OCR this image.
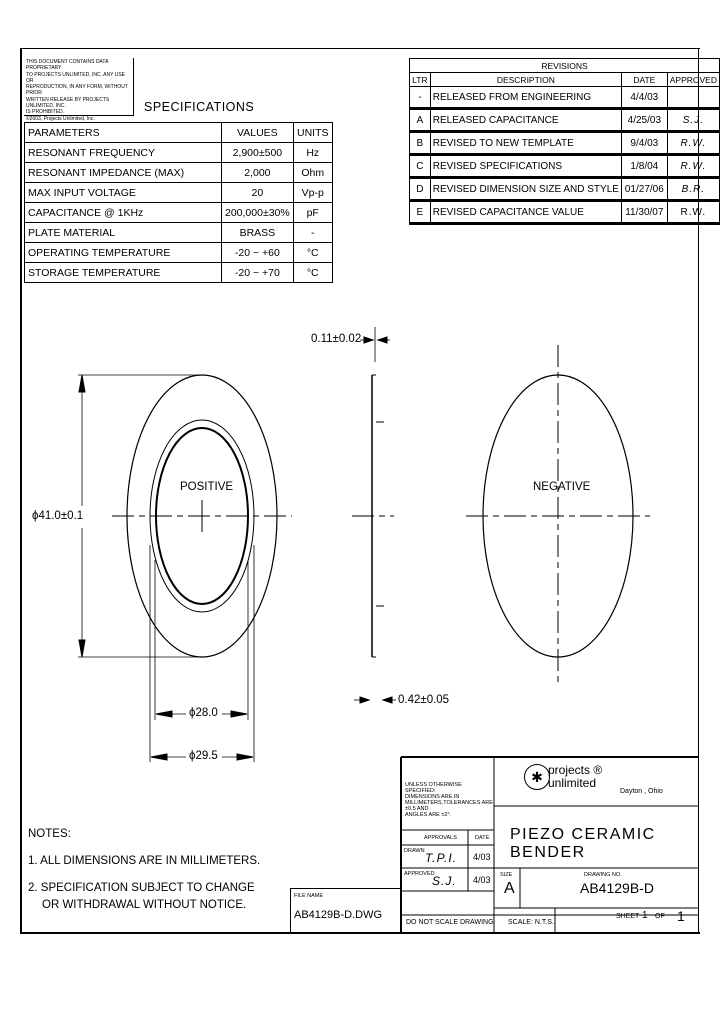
THIS DOCUMENT CONTAINS DATA PROPRIETARY
TO PROJECTS UNLIMITED, INC. ANY USE OR
REPRODUCTION, IN ANY FORM, WITHOUT PRIOR
WRITTEN RELEASE BY PROJECTS UNLIMITED, INC.
IS PROHIBITED.
©2003, Projects Unlimited, Inc.
SPECIFICATIONS
PARAMETERS	VALUES	UNITS
RESONANT FREQUENCY	2,900±500	Hz
RESONANT IMPEDANCE (MAX)	2,000	Ohm
MAX INPUT VOLTAGE	20	Vp-p
CAPACITANCE @ 1KHz	200,000±30%	pF
PLATE MATERIAL	BRASS	-
OPERATING TEMPERATURE	-20 ~ +60	°C
STORAGE TEMPERATURE	-20 ~ +70	°C
REVISIONS			
LTR	DESCRIPTION	DATE	APPROVED
-	RELEASED FROM ENGINEERING	4/4/03	
A	RELEASED CAPACITANCE	4/25/03	S.J.
B	REVISED TO NEW TEMPLATE	9/4/03	R.W.
C	REVISED SPECIFICATIONS	1/8/04	R.W.
D	REVISED DIMENSION SIZE AND STYLE	01/27/06	B.R.
E	REVISED CAPACITANCE VALUE	11/30/07	R.W.
POSITIVE	NEGATIVE
ϕ41.0±0.1
ϕ28.0
ϕ29.5
0.11±0.02
0.42±0.05
NOTES:
1. ALL DIMENSIONS ARE IN MILLIMETERS.
2. SPECIFICATION SUBJECT TO CHANGE
OR WITHDRAWAL WITHOUT NOTICE.
FILE NAME
AB4129B-D.DWG
UNLESS OTHERWISE SPECIFIED:
DIMENSIONS ARE IN
MILLIMETERS,TOLERANCES ARE ±0.5 AND
ANGLES ARE ±2°.
✱ projects ®
unlimited
Dayton , Ohio
APPROVALS	DATE
DRAWN T.P.I. 4/03
APPROVED
S.J. 4/03
PIEZO CERAMIC BENDER
SIZE
A
DRAWING NO.
AB4129B-D
DO NOT SCALE DRAWING SCALE: N.T.S.
SHEET 1 OF 1
